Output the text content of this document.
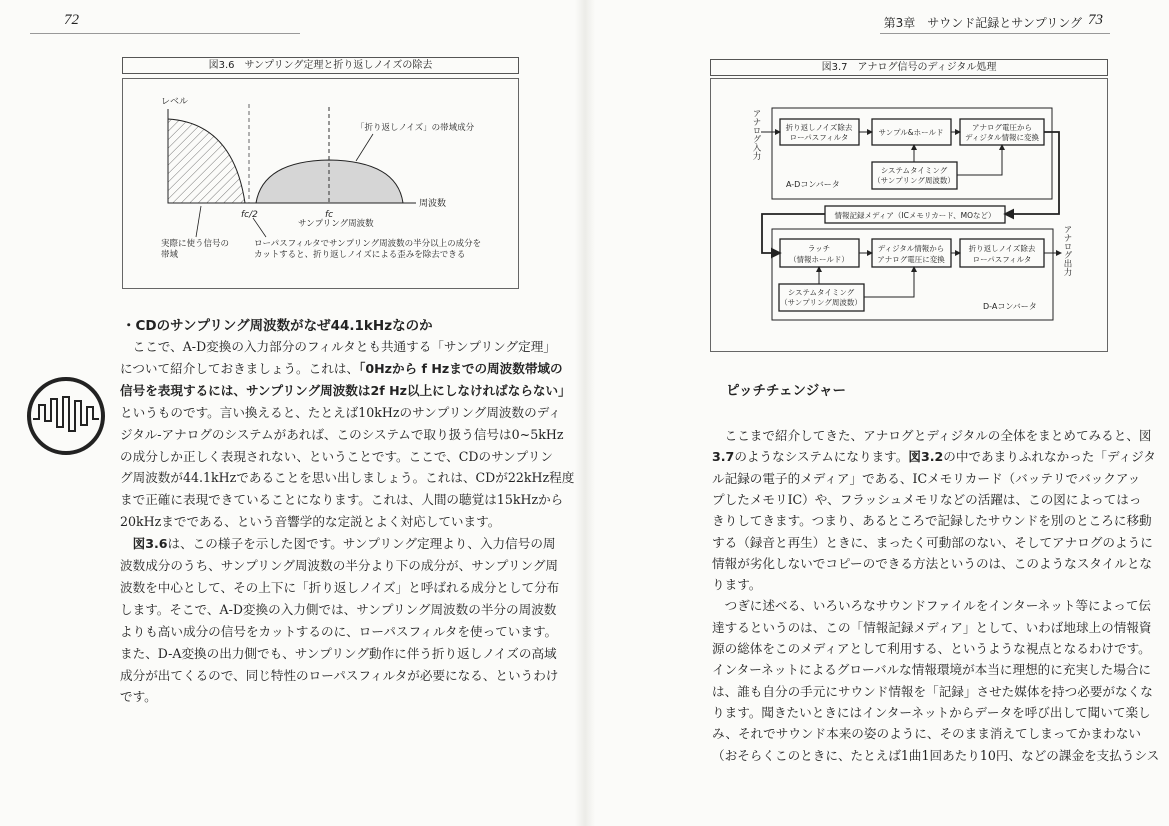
72	第3章　サウンド記録とサンプリング 73
図3.6　サンプリング定理と折り返しノイズの除去
レベル
周波数
「折り返しノイズ」の帯域成分
fc/2	fc
サンプリング周波数
実際に使う信号の
帯域
ローパスフィルタでサンプリング周波数の半分以上の成分を
カットすると、折り返しノイズによる歪みを除去できる
・CDのサンプリング周波数がなぜ44.1kHzなのか
　ここで、A-D変換の入力部分のフィルタとも共通する「サンプリング定理」
について紹介しておきましょう。これは、「0Hzから f Hzまでの周波数帯域の
信号を表現するには、サンプリング周波数は2f Hz以上にしなければならない」
というものです。言い換えると、たとえば10kHzのサンプリング周波数のディ
ジタル-アナログのシステムがあれば、このシステムで取り扱う信号は0~5kHz
の成分しか正しく表現されない、ということです。ここで、CDのサンプリン
グ周波数が44.1kHzであることを思い出しましょう。これは、CDが22kHz程度
まで正確に表現できていることになります。これは、人間の聴覚は15kHzから
20kHzまでである、という音響学的な定説とよく対応しています。
　図3.6は、この様子を示した図です。サンプリング定理より、入力信号の周
波数成分のうち、サンプリング周波数の半分より下の成分が、サンプリング周
波数を中心として、その上下に「折り返しノイズ」と呼ばれる成分として分布
します。そこで、A-D変換の入力側では、サンプリング周波数の半分の周波数
よりも高い成分の信号をカットするのに、ローパスフィルタを使っています。
また、D-A変換の出力側でも、サンプリング動作に伴う折り返しノイズの高域
成分が出てくるので、同じ特性のローパスフィルタが必要になる、というわけ
です。
図3.7　アナログ信号のディジタル処理
アナログ入力
アナログ出力
折り返しノイズ除去
ローパスフィルタ
サンプル&ホールド
アナログ電圧から
ディジタル情報に変換
システムタイミング
（サンプリング周波数）
A-Dコンバータ
情報記録メディア（ICメモリカード、MOなど）
ラッチ
（情報ホールド）
ディジタル情報から
アナログ電圧に変換
折り返しノイズ除去
ローパスフィルタ
システムタイミング
（サンプリング周波数）	D-Aコンバータ
ピッチチェンジャー
　ここまで紹介してきた、アナログとディジタルの全体をまとめてみると、図
3.7のようなシステムになります。図3.2の中であまりふれなかった「ディジタ
ル記録の電子的メディア」である、ICメモリカード（バッテリでバックアッ
プしたメモリIC）や、フラッシュメモリなどの活躍は、この図によってはっ
きりしてきます。つまり、あるところで記録したサウンドを別のところに移動
する（録音と再生）ときに、まったく可動部のない、そしてアナログのように
情報が劣化しないでコピーのできる方法というのは、このようなスタイルとな
ります。
　つぎに述べる、いろいろなサウンドファイルをインターネット等によって伝
達するというのは、この「情報記録メディア」として、いわば地球上の情報資
源の総体をこのメディアとして利用する、というような視点となるわけです。
インターネットによるグローバルな情報環境が本当に理想的に充実した場合に
は、誰も自分の手元にサウンド情報を「記録」させた媒体を持つ必要がなくな
ります。聞きたいときにはインターネットからデータを呼び出して聞いて楽し
み、それでサウンド本来の姿のように、そのまま消えてしまってかまわない
（おそらくこのときに、たとえば1曲1回あたり10円、などの課金を支払うシス
